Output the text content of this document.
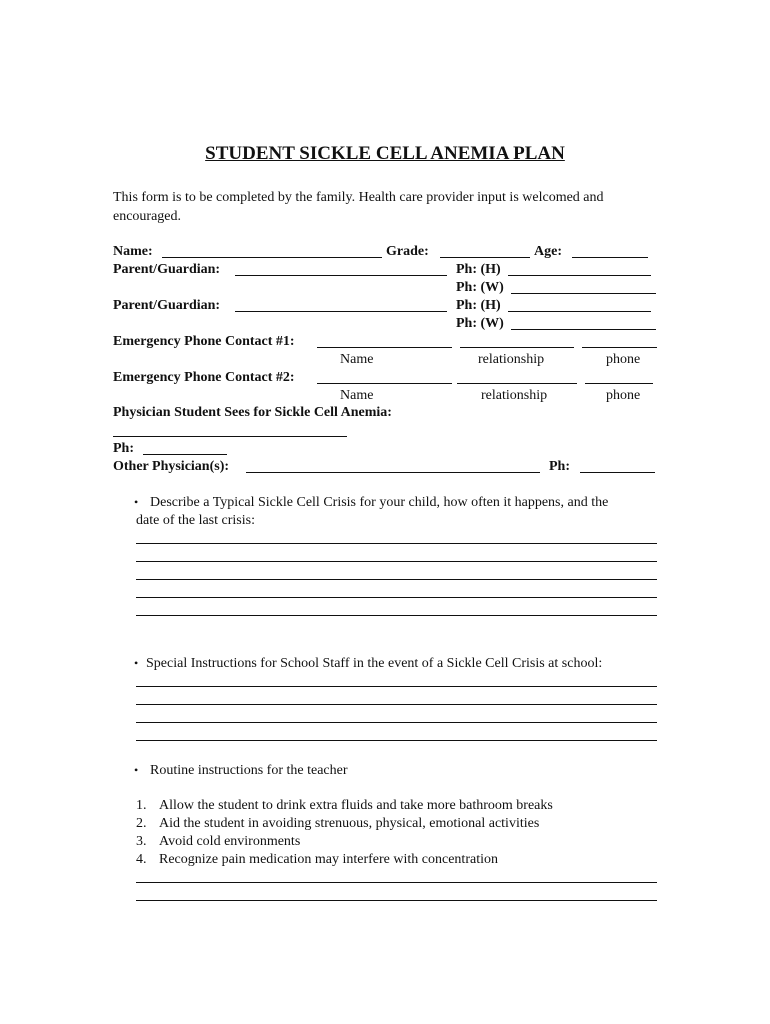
STUDENT SICKLE CELL ANEMIA PLAN
This form is to be completed by the family. Health care provider input is welcomed and
encouraged.
Name:	Grade:	Age:
Parent/Guardian:	Ph: (H)
Ph: (W)
Parent/Guardian:	Ph: (H)
Ph: (W)
Emergency Phone Contact #1:
Name	relationship	phone
Emergency Phone Contact #2:
Name	relationship	phone
Physician Student Sees for Sickle Cell Anemia:
Ph:
Other Physician(s):	Ph:
• Describe a Typical Sickle Cell Crisis for your child, how often it happens, and the
date of the last crisis:
• Special Instructions for School Staff in the event of a Sickle Cell Crisis at school:
• Routine instructions for the teacher
1. Allow the student to drink extra fluids and take more bathroom breaks
2. Aid the student in avoiding strenuous, physical, emotional activities
3. Avoid cold environments
4. Recognize pain medication may interfere with concentration
